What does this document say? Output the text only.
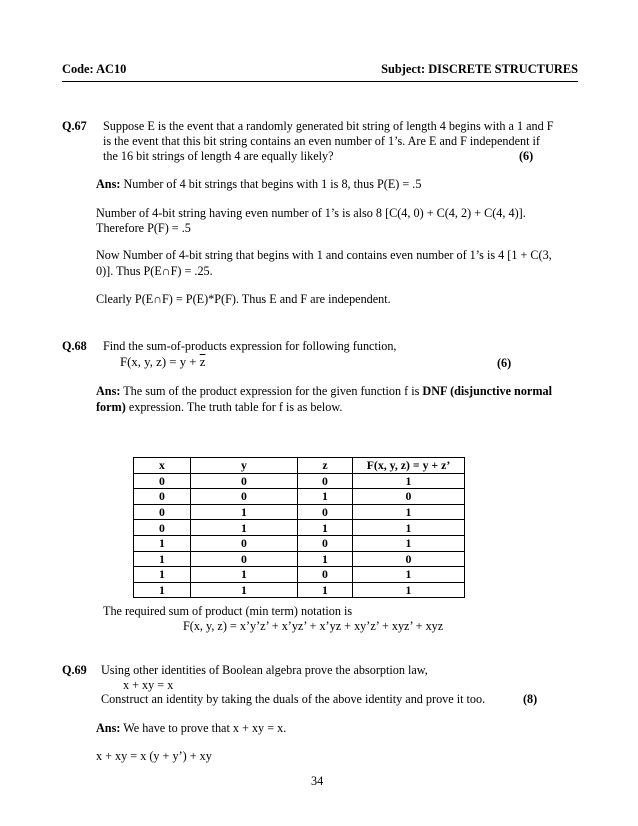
Code: AC10	Subject: DISCRETE STRUCTURES
Q.67 Suppose E is the event that a randomly generated bit string of length 4 begins with a 1 and F
is the event that this bit string contains an even number of 1’s. Are E and F independent if
the 16 bit strings of length 4 are equally likely?	(6)
Ans: Number of 4 bit strings that begins with 1 is 8, thus P(E) = .5
Number of 4-bit string having even number of 1’s is also 8 [C(4, 0) + C(4, 2) + C(4, 4)].
Therefore P(F) = .5
Now Number of 4-bit string that begins with 1 and contains even number of 1’s is 4 [1 + C(3,
0)]. Thus P(E∩F) = .25.
Clearly P(E∩F) = P(E)*P(F). Thus E and F are independent.
Q.68 Find the sum-of-products expression for following function,
F(x, y, $z) = y + \overline{z}$	(6)
Ans: The sum of the product expression for the given function f is DNF (disjunctive normal
form) expression. The truth table for f is as below.
x	y	z	F(x, y, z) = y + z’
0	0	0	1
0	0	1	0
0	1	0	1
0	1	1	1
1	0	0	1
1	0	1	0
1	1	0	1
1	1	1	1
The required sum of product (min term) notation is
F(x, y, z) = x’y’z’ + x’yz’ + x’yz + xy’z’ + xyz’ + xyz
Q.69 Using other identities of Boolean algebra prove the absorption law,
x + xy = x
Construct an identity by taking the duals of the above identity and prove it too.	(8)
Ans: We have to prove that x + xy = x.
x + xy = x (y + y’) + xy
34
